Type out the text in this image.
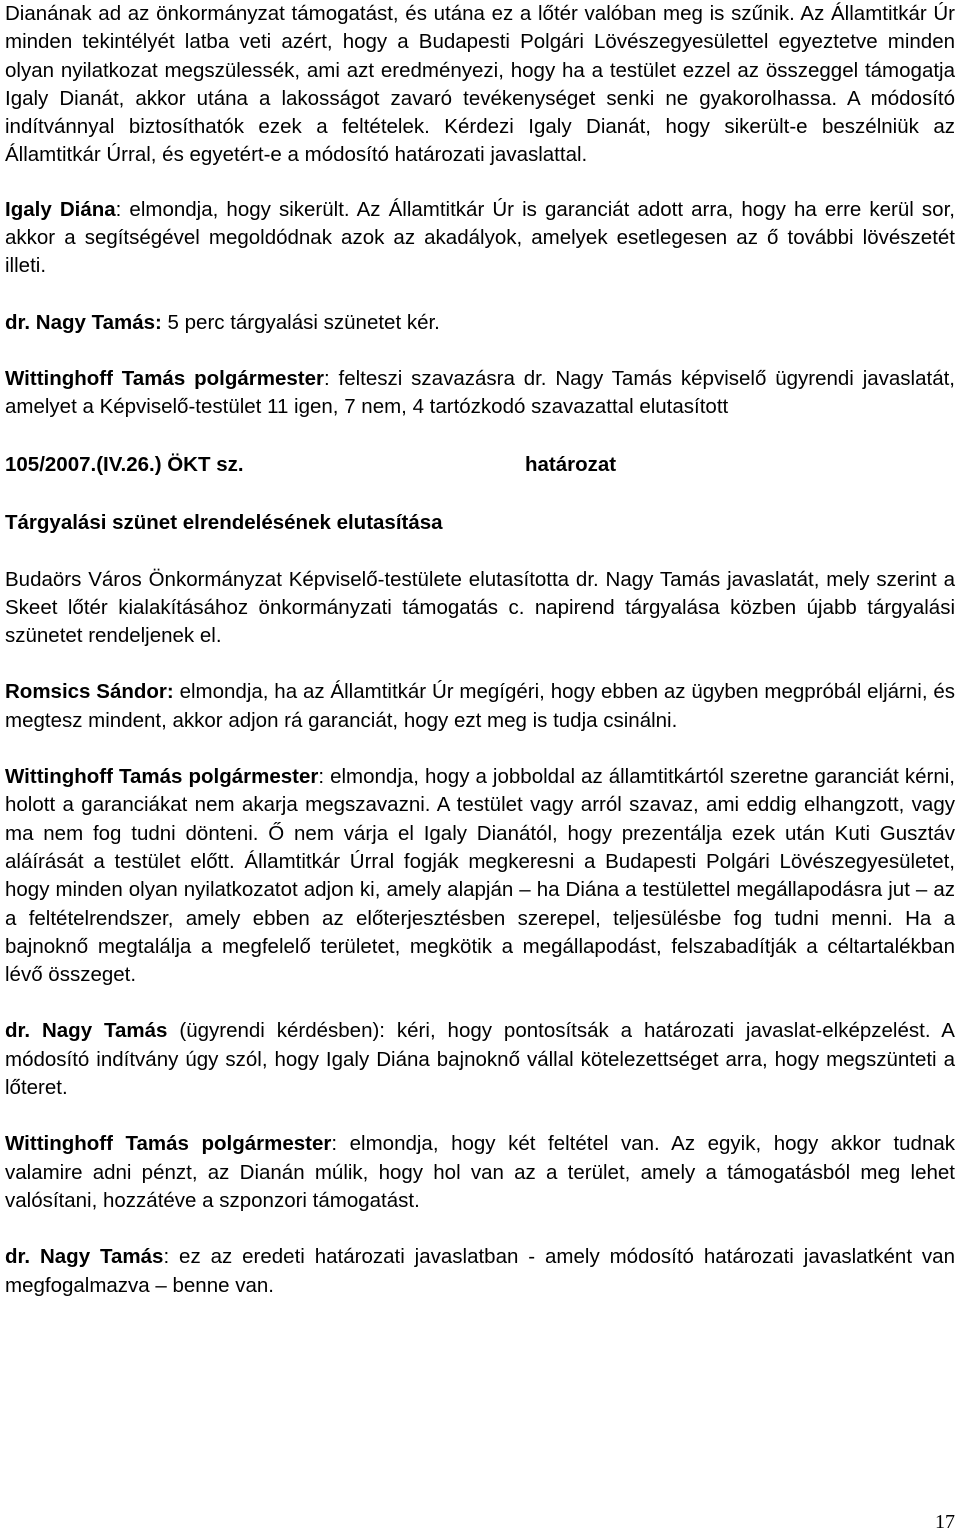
Dianának ad az önkormányzat támogatást, és utána ez a lőtér valóban meg is szűnik. Az Államtitkár Úr minden tekintélyét latba veti azért, hogy a Budapesti Polgári Lövészegyesülettel egyeztetve minden olyan nyilatkozat megszülessék, ami azt eredményezi, hogy ha a testület ezzel az összeggel támogatja Igaly Dianát, akkor utána a lakosságot zavaró tevékenységet senki ne gyakorolhassa. A módosító indítvánnyal biztosíthatók ezek a feltételek. Kérdezi Igaly Dianát, hogy sikerült-e beszélniük az Államtitkár Úrral, és egyetért-e a módosító határozati javaslattal.

Igaly Diána: elmondja, hogy sikerült. Az Államtitkár Úr is garanciát adott arra, hogy ha erre kerül sor, akkor a segítségével megoldódnak azok az akadályok, amelyek esetlegesen az ő további lövészetét illeti.

dr. Nagy Tamás: 5 perc tárgyalási szünetet kér.

Wittinghoff Tamás polgármester: felteszi szavazásra dr. Nagy Tamás képviselő ügyrendi javaslatát, amelyet a Képviselő-testület 11 igen, 7 nem, 4 tartózkodó szavazattal elutasított

105/2007.(IV.26.) ÖKT sz.	határozat

Tárgyalási szünet elrendelésének elutasítása

Budaörs Város Önkormányzat Képviselő-testülete elutasította dr. Nagy Tamás javaslatát, mely szerint a Skeet lőtér kialakításához önkormányzati támogatás c. napirend tárgyalása közben újabb tárgyalási szünetet rendeljenek el.

Romsics Sándor: elmondja, ha az Államtitkár Úr megígéri, hogy ebben az ügyben megpróbál eljárni, és megtesz mindent, akkor adjon rá garanciát, hogy ezt meg is tudja csinálni.

Wittinghoff Tamás polgármester: elmondja, hogy a jobboldal az államtitkártól szeretne garanciát kérni, holott a garanciákat nem akarja megszavazni. A testület vagy arról szavaz, ami eddig elhangzott, vagy ma nem fog tudni dönteni. Ő nem várja el Igaly Dianától, hogy prezentálja ezek után Kuti Gusztáv aláírását a testület előtt. Államtitkár Úrral fogják megkeresni a Budapesti Polgári Lövészegyesületet, hogy minden olyan nyilatkozatot adjon ki, amely alapján – ha Diána a testülettel megállapodásra jut – az a feltételrendszer, amely ebben az előterjesztésben szerepel, teljesülésbe fog tudni menni. Ha a bajnoknő megtalálja a megfelelő területet, megkötik a megállapodást, felszabadítják a céltartalékban lévő összeget.

dr. Nagy Tamás (ügyrendi kérdésben): kéri, hogy pontosítsák a határozati javaslat-elképzelést. A módosító indítvány úgy szól, hogy Igaly Diána bajnoknő vállal kötelezettséget arra, hogy megszünteti a lőteret.

Wittinghoff Tamás polgármester: elmondja, hogy két feltétel van. Az egyik, hogy akkor tudnak valamire adni pénzt, az Dianán múlik, hogy hol van az a terület, amely a támogatásból meg lehet valósítani, hozzátéve a szponzori támogatást.

dr. Nagy Tamás: ez az eredeti határozati javaslatban - amely módosító határozati javaslatként van megfogalmazva – benne van.

17
